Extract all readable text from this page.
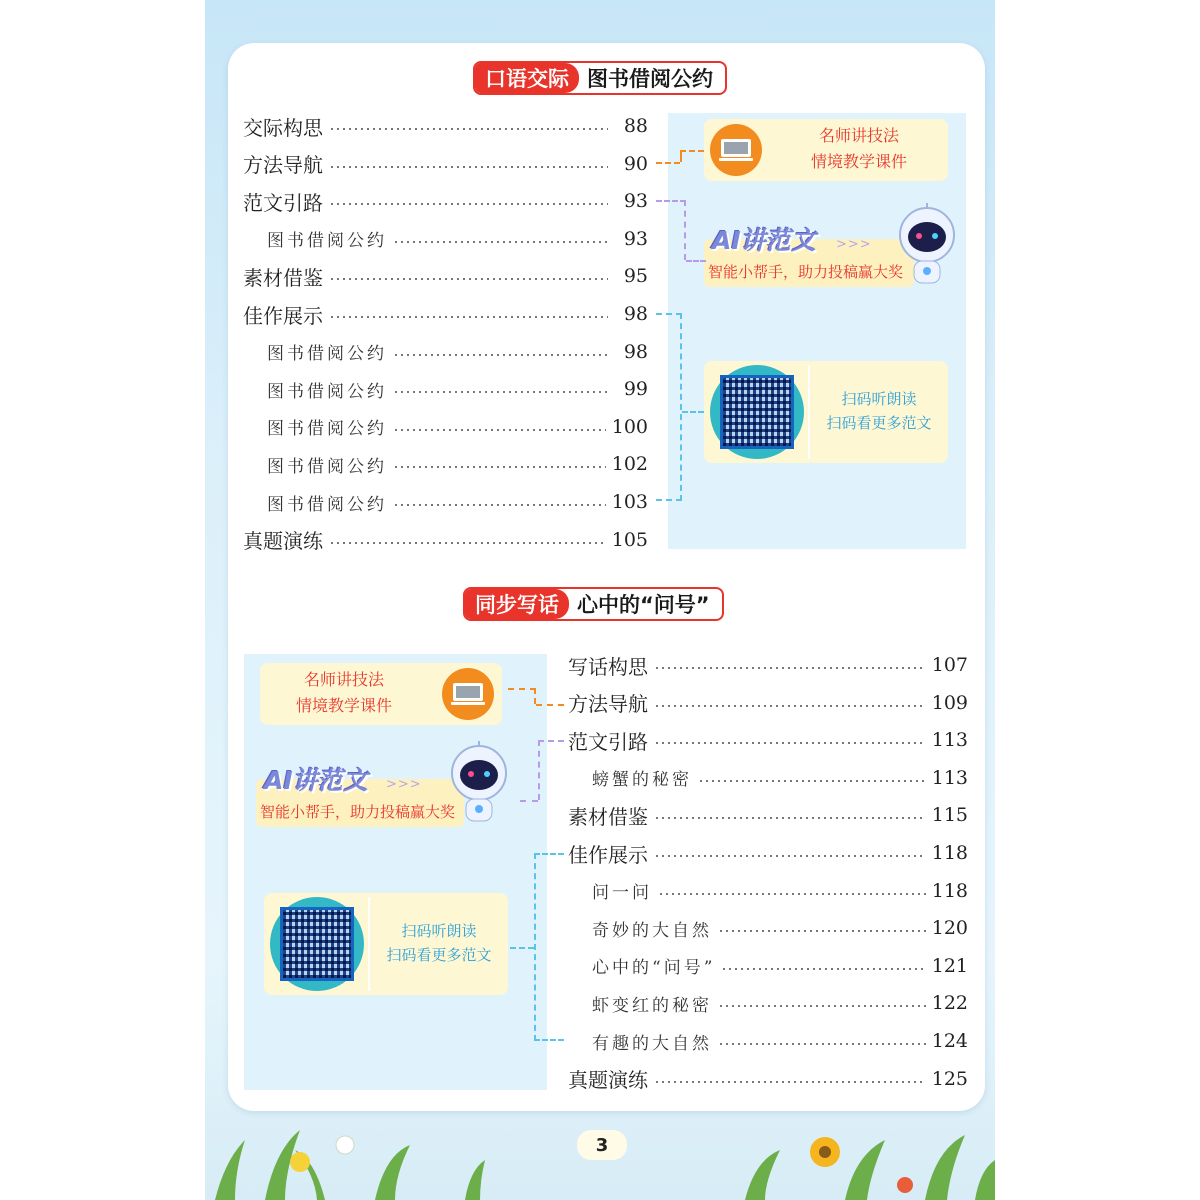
口语交际 图书借阅公约
交际构思	88
方法导航	90
范文引路	93
图书借阅公约	93
素材借鉴	95
佳作展示	98
图书借阅公约	98
图书借阅公约	99
图书借阅公约	100
图书借阅公约	102
图书借阅公约	103
真题演练	105
名师讲技法
情境教学课件
AI讲范文 >>>
智能小帮手，助力投稿赢大奖
扫码听朗读
扫码看更多范文
同步写话 心中的“问号”
写话构思	107
方法导航	109
范文引路	113
螃蟹的秘密	113
素材借鉴	115
佳作展示	118
问一问	118
奇妙的大自然	120
心中的“问号”	121
虾变红的秘密	122
有趣的大自然	124
真题演练	125
名师讲技法
情境教学课件
AI讲范文 >>>
智能小帮手，助力投稿赢大奖
扫码听朗读
扫码看更多范文
3
